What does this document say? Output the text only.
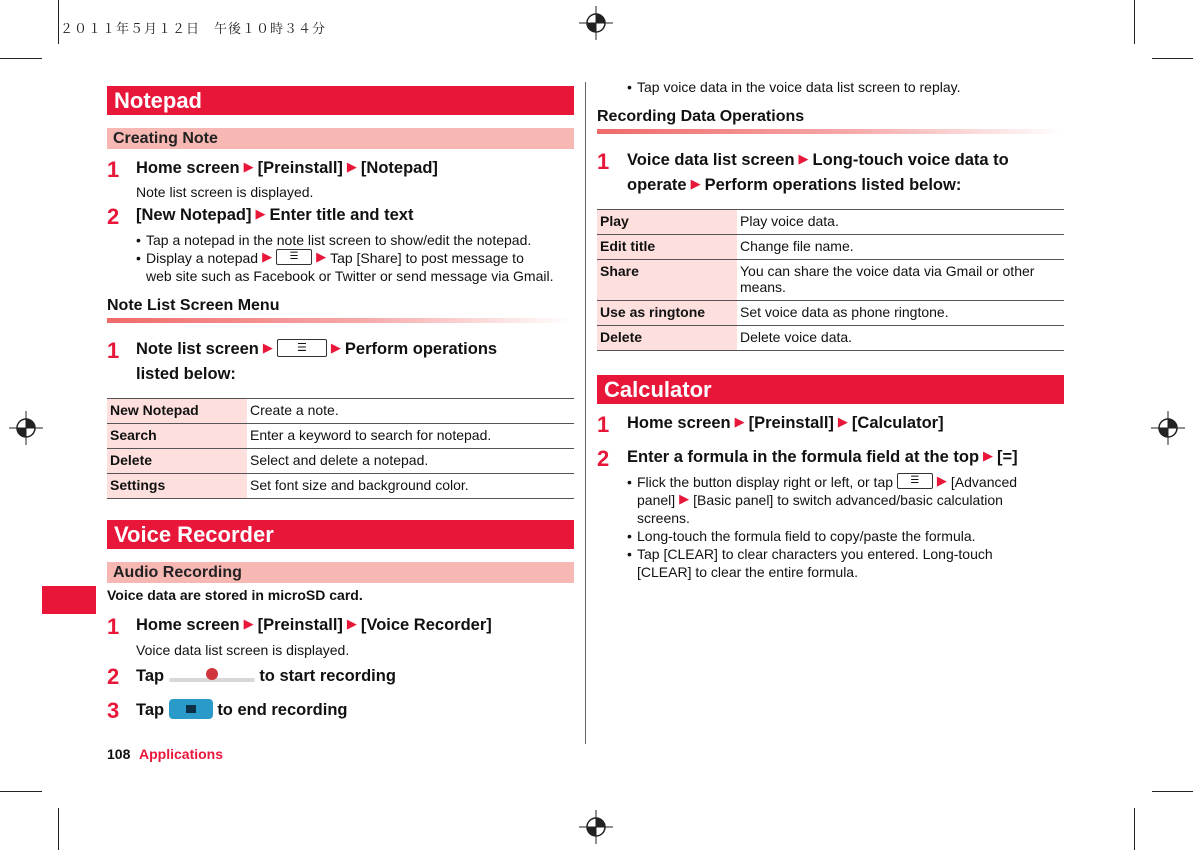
２０１１年５月１２日　午後１０時３４分
Notepad
Creating Note
1 Home screen ▶ [Preinstall] ▶ [Notepad]
Note list screen is displayed.
2 [New Notepad] ▶ Enter title and text
• Tap a notepad in the note list screen to show/edit the notepad.
• Display a notepad ▶ ☰ ▶ Tap [Share] to post message to
web site such as Facebook or Twitter or send message via Gmail.
Note List Screen Menu
1 Note list screen ▶ ☰ ▶ Perform operations
listed below:
New Notepad	Create a note.
Search	Enter a keyword to search for notepad.
Delete	Select and delete a notepad.
Settings	Set font size and background color.
Voice Recorder
Audio Recording
Voice data are stored in microSD card.
1 Home screen ▶ [Preinstall] ▶ [Voice Recorder]
Voice data list screen is displayed.
2 Tap	to start recording
3 Tap	to end recording
108 Applications
• Tap voice data in the voice data list screen to replay.
Recording Data Operations
1 Voice data list screen ▶ Long-touch voice data to
operate ▶ Perform operations listed below:
Play	Play voice data.
Edit title	Change file name.
Share	You can share the voice data via Gmail or other means.
Use as ringtone	Set voice data as phone ringtone.
Delete	Delete voice data.
Calculator
1 Home screen ▶ [Preinstall] ▶ [Calculator]
2 Enter a formula in the formula field at the top ▶ [=]
• Flick the button display right or left, or tap ☰ ▶ [Advanced
panel] ▶ [Basic panel] to switch advanced/basic calculation
screens.
• Long-touch the formula field to copy/paste the formula.
• Tap [CLEAR] to clear characters you entered. Long-touch
[CLEAR] to clear the entire formula.
